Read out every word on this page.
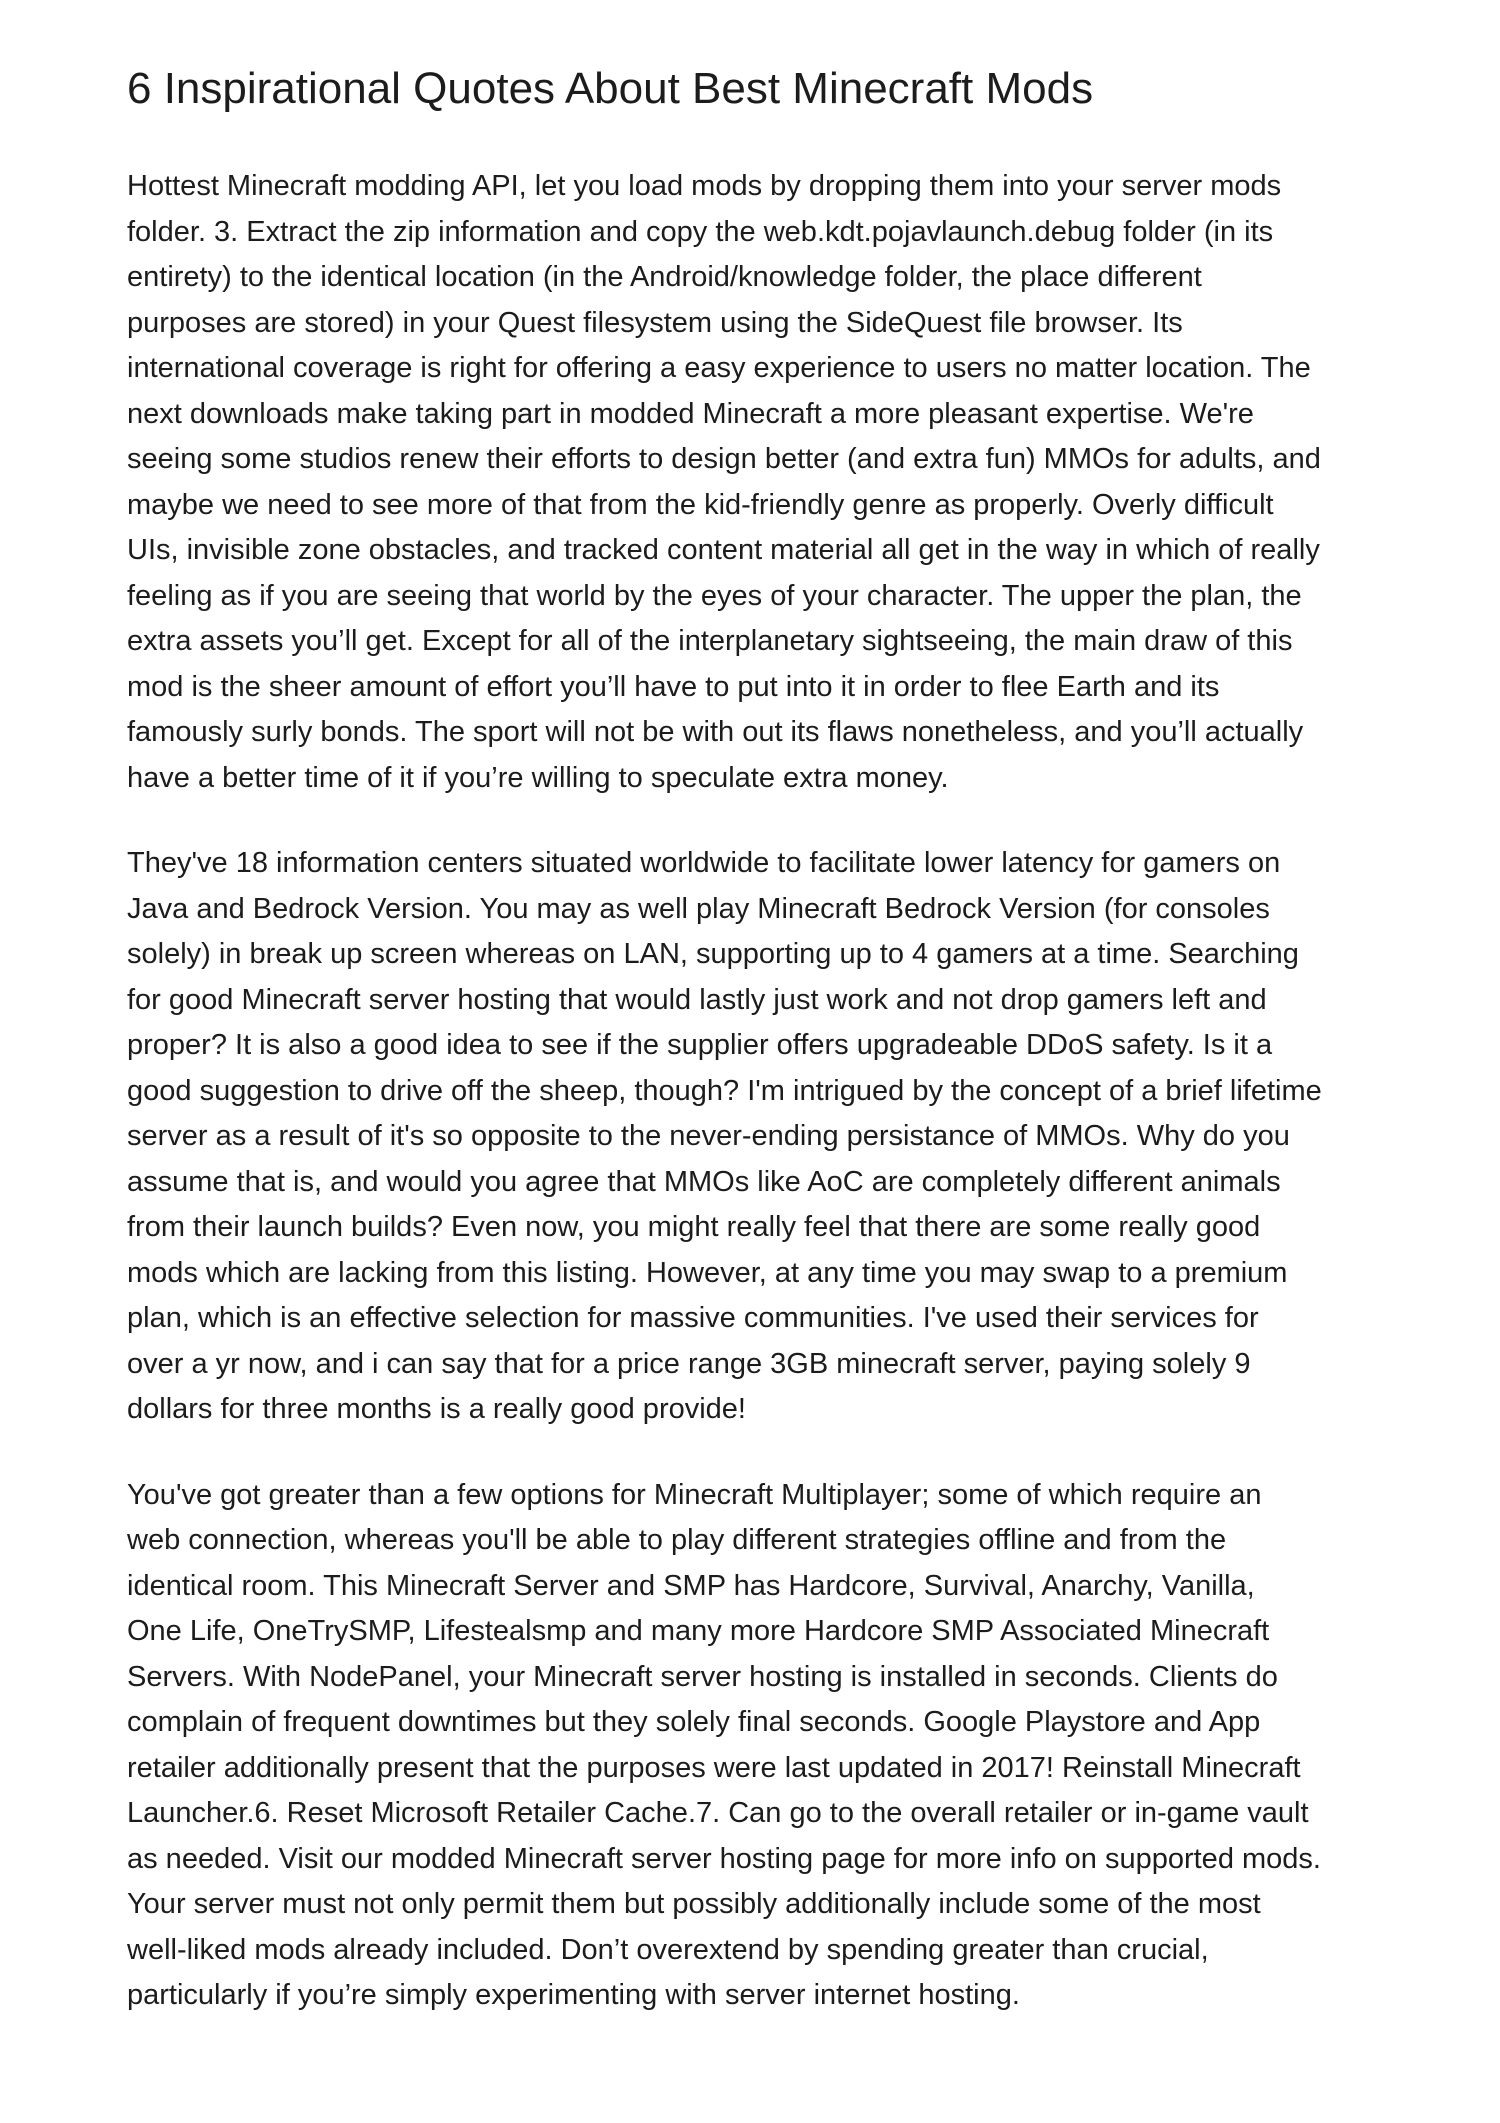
6 Inspirational Quotes About Best Minecraft Mods

Hottest Minecraft modding API, let you load mods by dropping them into your server mods
folder. 3. Extract the zip information and copy the web.kdt.pojavlaunch.debug folder (in its
entirety) to the identical location (in the Android/knowledge folder, the place different
purposes are stored) in your Quest filesystem using the SideQuest file browser. Its
international coverage is right for offering a easy experience to users no matter location. The
next downloads make taking part in modded Minecraft a more pleasant expertise. We're
seeing some studios renew their efforts to design better (and extra fun) MMOs for adults, and
maybe we need to see more of that from the kid-friendly genre as properly. Overly difficult
UIs, invisible zone obstacles, and tracked content material all get in the way in which of really
feeling as if you are seeing that world by the eyes of your character. The upper the plan, the
extra assets you’ll get. Except for all of the interplanetary sightseeing, the main draw of this
mod is the sheer amount of effort you’ll have to put into it in order to flee Earth and its
famously surly bonds. The sport will not be with out its flaws nonetheless, and you’ll actually
have a better time of it if you’re willing to speculate extra money.

They've 18 information centers situated worldwide to facilitate lower latency for gamers on
Java and Bedrock Version. You may as well play Minecraft Bedrock Version (for consoles
solely) in break up screen whereas on LAN, supporting up to 4 gamers at a time. Searching
for good Minecraft server hosting that would lastly just work and not drop gamers left and
proper? It is also a good idea to see if the supplier offers upgradeable DDoS safety. Is it a
good suggestion to drive off the sheep, though? I'm intrigued by the concept of a brief lifetime
server as a result of it's so opposite to the never-ending persistance of MMOs. Why do you
assume that is, and would you agree that MMOs like AoC are completely different animals
from their launch builds? Even now, you might really feel that there are some really good
mods which are lacking from this listing. However, at any time you may swap to a premium
plan, which is an effective selection for massive communities. I've used their services for
over a yr now, and i can say that for a price range 3GB minecraft server, paying solely 9
dollars for three months is a really good provide!

You've got greater than a few options for Minecraft Multiplayer; some of which require an
web connection, whereas you'll be able to play different strategies offline and from the
identical room. This Minecraft Server and SMP has Hardcore, Survival, Anarchy, Vanilla,
One Life, OneTrySMP, Lifestealsmp and many more Hardcore SMP Associated Minecraft
Servers. With NodePanel, your Minecraft server hosting is installed in seconds. Clients do
complain of frequent downtimes but they solely final seconds. Google Playstore and App
retailer additionally present that the purposes were last updated in 2017! Reinstall Minecraft
Launcher.6. Reset Microsoft Retailer Cache.7. Can go to the overall retailer or in-game vault
as needed. Visit our modded Minecraft server hosting page for more info on supported mods.
Your server must not only permit them but possibly additionally include some of the most
well-liked mods already included. Don’t overextend by spending greater than crucial,
particularly if you’re simply experimenting with server internet hosting.
